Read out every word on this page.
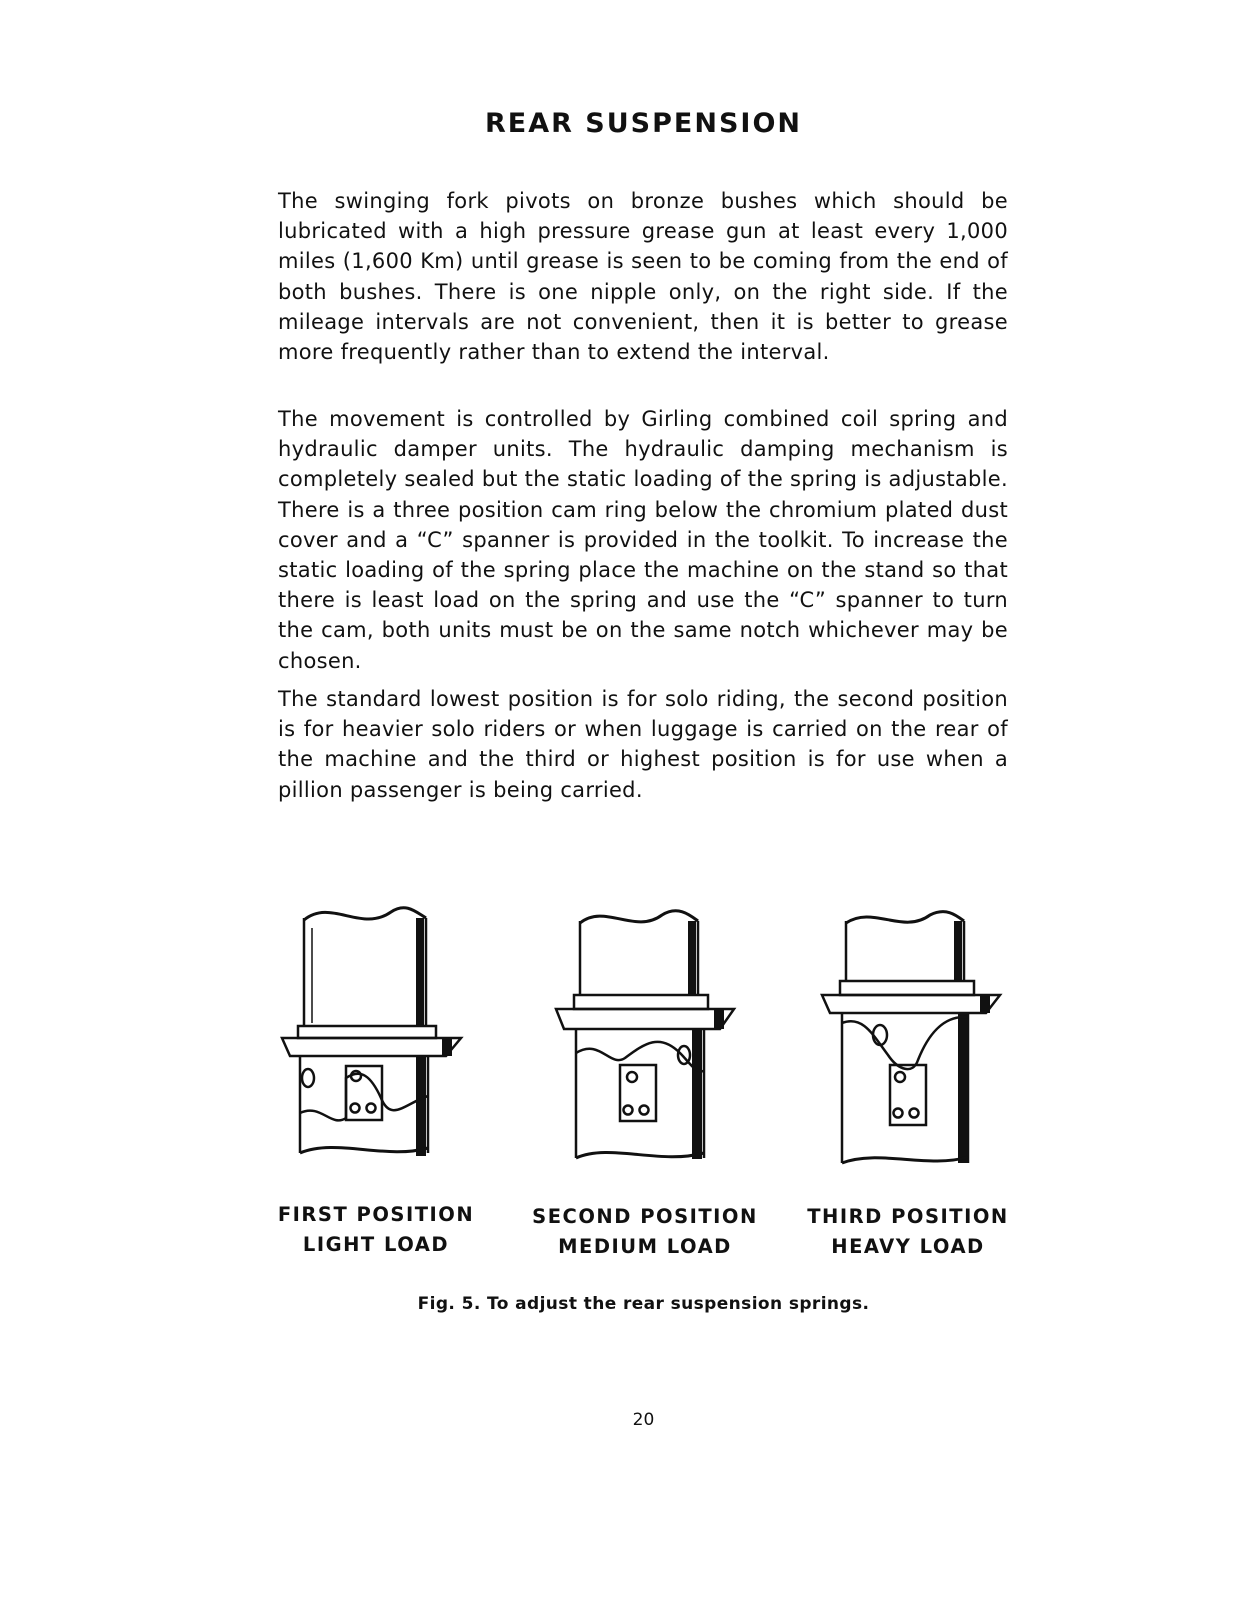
REAR SUSPENSION

The swinging fork pivots on bronze bushes which should be lubricated with a high pressure grease gun at least every 1,000 miles (1,600 Km) until grease is seen to be coming from the end of both bushes. There is one nipple only, on the right side. If the mileage intervals are not convenient, then it is better to grease more frequently rather than to extend the interval.

The movement is controlled by Girling combined coil spring and hydraulic damper units. The hydraulic damping mechanism is completely sealed but the static loading of the spring is adjustable. There is a three position cam ring below the chromium plated dust cover and a “C” spanner is provided in the toolkit. To increase the static loading of the spring place the machine on the stand so that there is least load on the spring and use the “C” spanner to turn the cam, both units must be on the same notch whichever may be chosen.

The standard lowest position is for solo riding, the second position is for heavier solo riders or when luggage is carried on the rear of the machine and the third or highest position is for use when a pillion passenger is being carried.

FIRST POSITION
LIGHT LOAD
SECOND POSITION
MEDIUM LOAD
THIRD POSITION
HEAVY LOAD
Fig. 5. To adjust the rear suspension springs.
20
